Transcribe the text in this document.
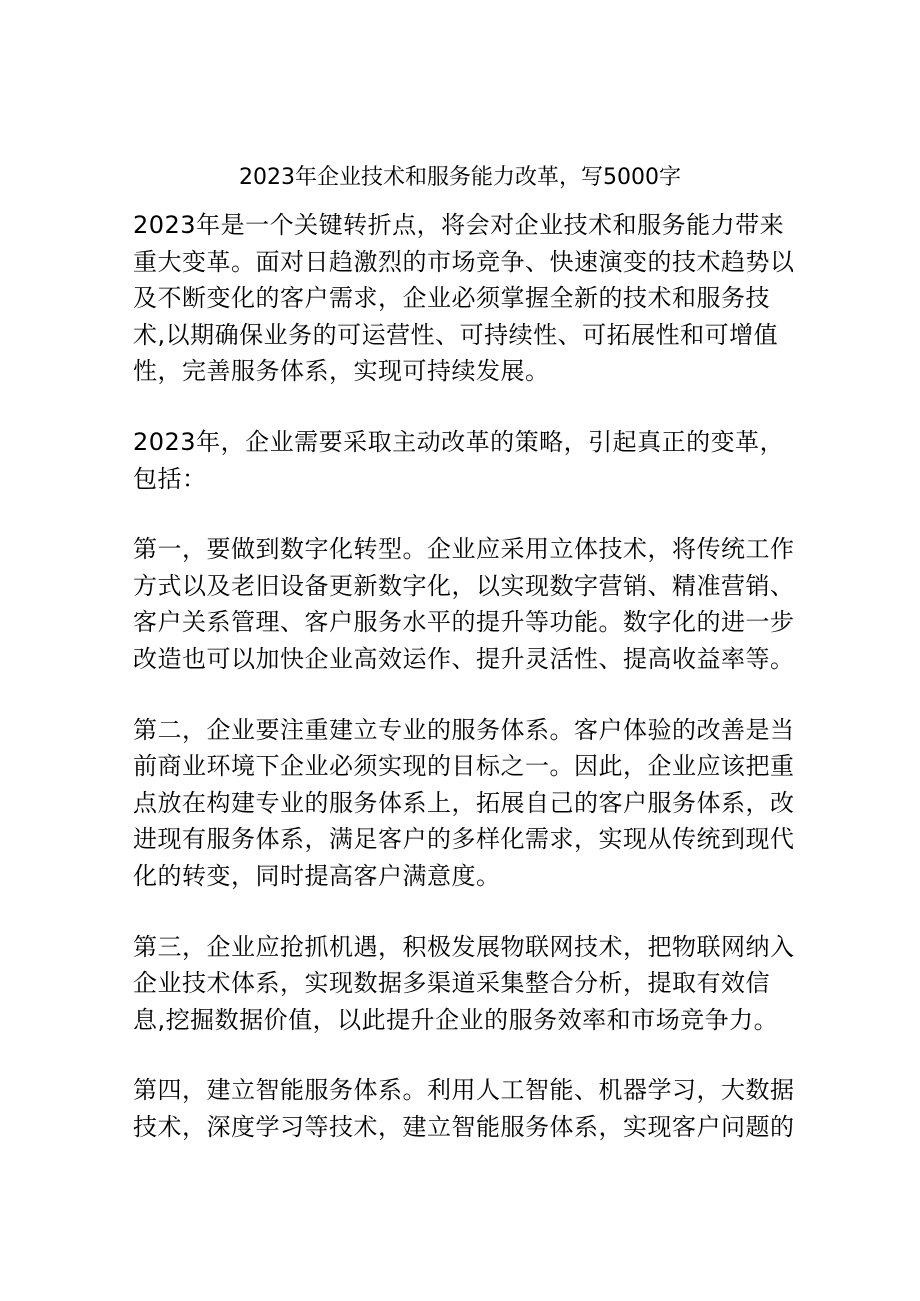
2023年企业技术和服务能力改革，写5000字

2023年是一个关键转折点，将会对企业技术和服务能力带来重大变革。面对日趋激烈的市场竞争、快速演变的技术趋势以及不断变化的客户需求，企业必须掌握全新的技术和服务技术,以期确保业务的可运营性、可持续性、可拓展性和可增值性，完善服务体系，实现可持续发展。

2023年，企业需要采取主动改革的策略，引起真正的变革，包括：

第一，要做到数字化转型。企业应采用立体技术，将传统工作方式以及老旧设备更新数字化，以实现数字营销、精准营销、客户关系管理、客户服务水平的提升等功能。数字化的进一步改造也可以加快企业高效运作、提升灵活性、提高收益率等。

第二，企业要注重建立专业的服务体系。客户体验的改善是当前商业环境下企业必须实现的目标之一。因此，企业应该把重点放在构建专业的服务体系上，拓展自己的客户服务体系，改进现有服务体系，满足客户的多样化需求，实现从传统到现代化的转变，同时提高客户满意度。

第三，企业应抢抓机遇，积极发展物联网技术，把物联网纳入企业技术体系，实现数据多渠道采集整合分析，提取有效信息,挖掘数据价值，以此提升企业的服务效率和市场竞争力。

第四，建立智能服务体系。利用人工智能、机器学习，大数据技术，深度学习等技术，建立智能服务体系，实现客户问题的
